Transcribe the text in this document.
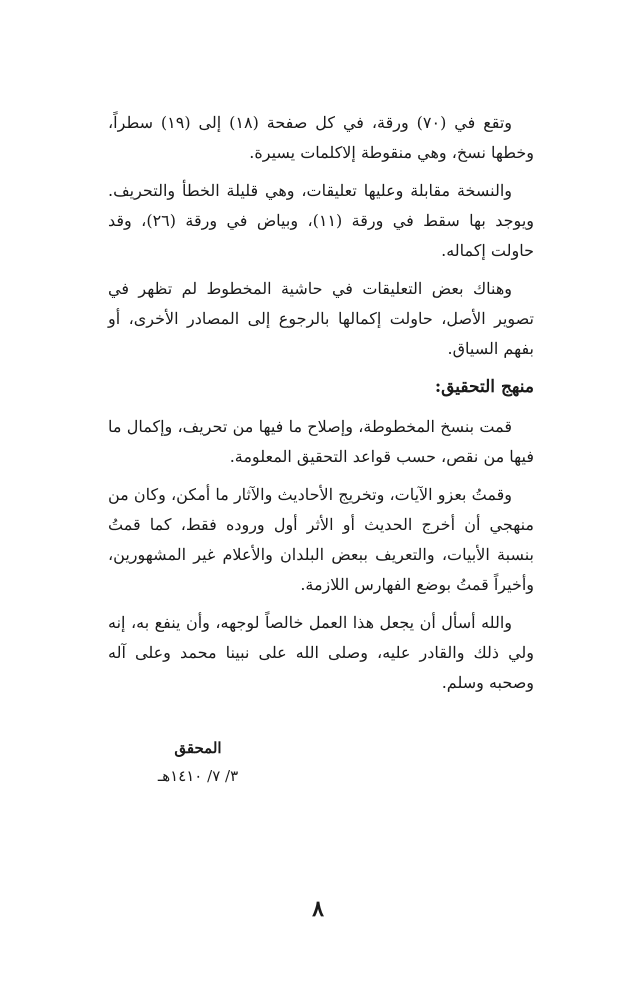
وتقع في (٧٠) ورقة، في كل صفحة (١٨) إلى (١٩) سطراً، وخطها نسخ، وهي منقوطة إلاكلمات يسيرة.

والنسخة مقابلة وعليها تعليقات، وهي قليلة الخطأ والتحريف. ويوجد بها سقط في ورقة (١١)، وبياض في ورقة (٢٦)، وقد حاولت إكماله.

وهناك بعض التعليقات في حاشية المخطوط لم تظهر في تصوير الأصل، حاولت إكمالها بالرجوع إلى المصادر الأخرى، أو بفهم السياق.

منهج التحقيق:

قمت بنسخ المخطوطة، وإصلاح ما فيها من تحريف، وإكمال ما فيها من نقص، حسب قواعد التحقيق المعلومة.

وقمتُ بعزو الآيات، وتخريج الأحاديث والآثار ما أمكن، وكان من منهجي أن أخرج الحديث أو الأثر أول وروده فقط، كما قمتُ بنسبة الأبيات، والتعريف ببعض البلدان والأعلام غير المشهورين، وأخيراً قمتُ بوضع الفهارس اللازمة.

والله أسأل أن يجعل هذا العمل خالصاً لوجهه، وأن ينفع به، إنه ولي ذلك والقادر عليه، وصلى الله على نبينا محمد وعلى آله وصحبه وسلم.

المحقق
٣/ ٧/ ١٤١٠هـ
٨
